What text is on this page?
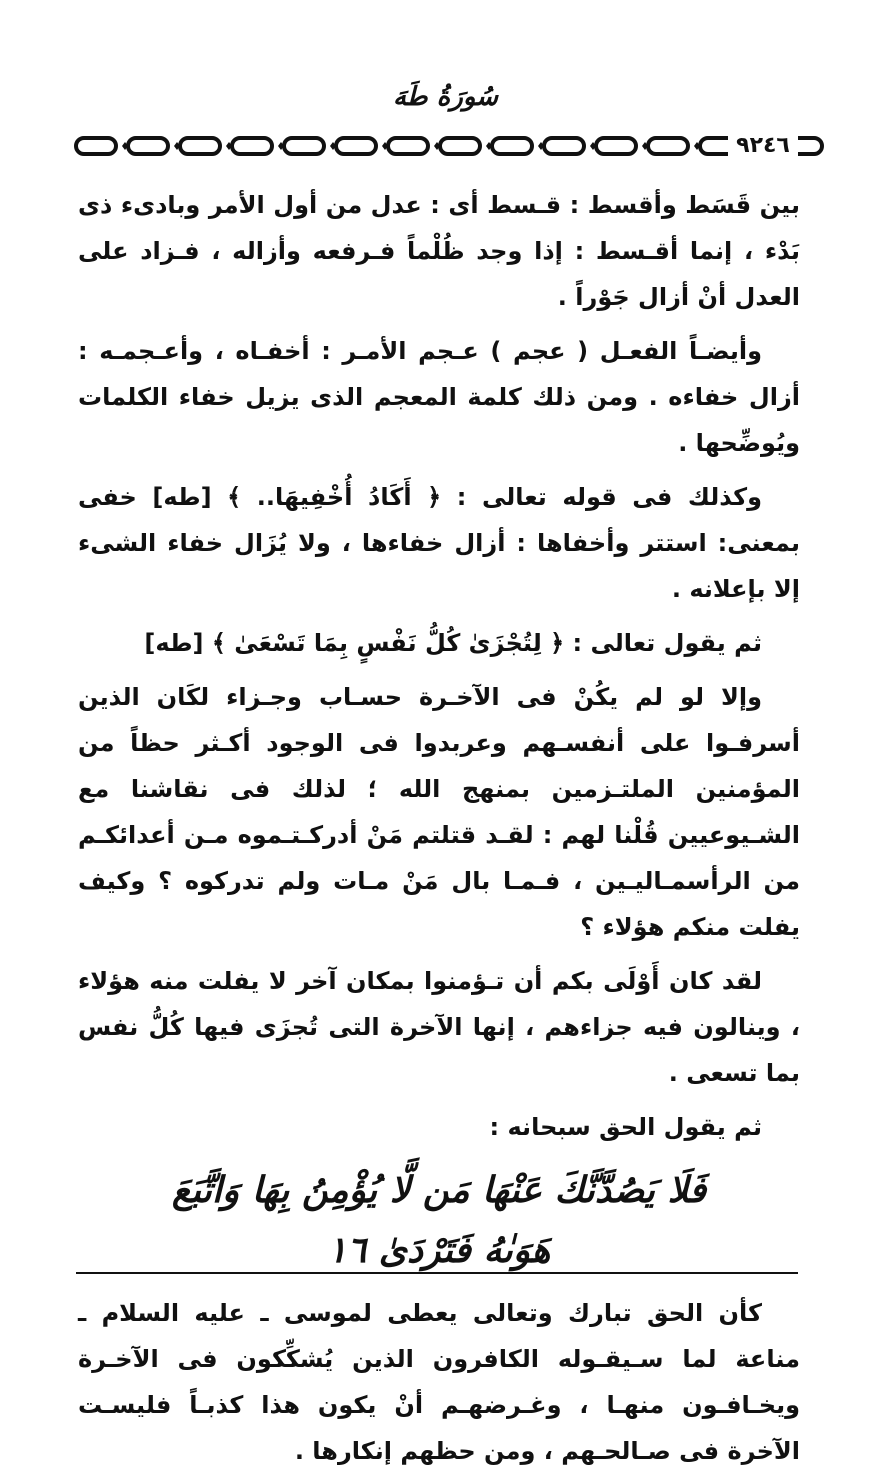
سُورَةُ طَهَ
٩٢٤٦

بين قَسَط وأقسط : قـسط أى : عدل من أول الأمر وبادىء ذى بَدْء ، إنما أقـسط : إذا وجد ظُلْماً فـرفعه وأزاله ، فـزاد على العدل أنْ أزال جَوْراً .

وأيضـاً الفعـل ( عجم ) عـجم الأمـر : أخفـاه ، وأعـجمـه : أزال خفاءه . ومن ذلك كلمة المعجم الذى يزيل خفاء الكلمات ويُوضِّحها .

وكذلك فى قوله تعالى : ﴿ أَكَادُ أُخْفِيهَا.. ﴾ [طه] خفى بمعنى: استتر وأخفاها : أزال خفاءها ، ولا يُزَال خفاء الشىء إلا بإعلانه .

ثم يقول تعالى : ﴿ لِتُجْزَىٰ كُلُّ نَفْسٍ بِمَا تَسْعَىٰ ﴾ [طه]

وإلا لو لم يكُنْ فى الآخـرة حسـاب وجـزاء لكَان الذين أسرفـوا على أنفسـهم وعربدوا فى الوجود أكـثر حظاً من المؤمنين الملتـزمين بمنهج الله ؛ لذلك فى نقاشنا مع الشـيوعيين قُلْنا لهم : لقـد قتلتم مَنْ أدركـتـموه مـن أعدائكـم من الرأسمـاليـين ، فـمـا بال مَنْ مـات ولم تدركوه ؟ وكيف يفلت منكم هؤلاء ؟

لقد كان أَوْلَى بكم أن تـؤمنوا بمكان آخر لا يفلت منه هؤلاء ، وينالون فيه جزاءهم ، إنها الآخرة التى تُجزَى فيها كُلُّ نفس بما تسعى .

ثم يقول الحق سبحانه :

فَلَا يَصُدَّنَّكَ عَنْهَا مَن لَّا يُؤْمِنُ بِهَا وَاتَّبَعَ
هَوَىٰهُ فَتَرْدَىٰ ١٦

كأن الحق تبارك وتعالى يعطى لموسى ـ عليه السلام ـ مناعة لما سـيقـوله الكافرون الذين يُشكِّكون فى الآخـرة ويخـافـون منهـا ، وغـرضهـم أنْ يكون هذا كذبـاً فليسـت الآخرة فى صـالحـهم ، ومن حظهم إنكارها .
